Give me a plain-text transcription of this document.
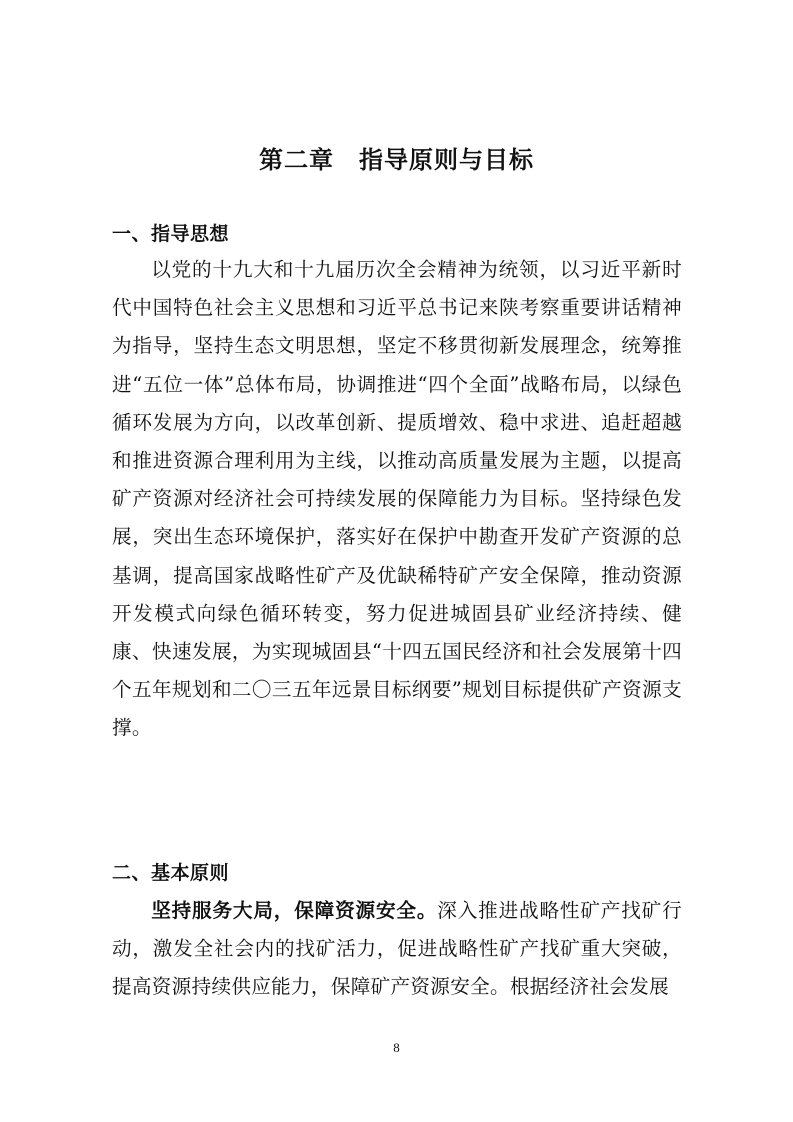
第二章　指导原则与目标
一、指导思想

以党的十九大和十九届历次全会精神为统领，以习近平新时代中国特色社会主义思想和习近平总书记来陕考察重要讲话精神为指导，坚持生态文明思想，坚定不移贯彻新发展理念，统筹推进“五位一体”总体布局，协调推进“四个全面”战略布局，以绿色循环发展为方向，以改革创新、提质增效、稳中求进、追赶超越和推进资源合理利用为主线，以推动高质量发展为主题，以提高矿产资源对经济社会可持续发展的保障能力为目标。坚持绿色发展，突出生态环境保护，落实好在保护中勘查开发矿产资源的总基调，提高国家战略性矿产及优缺稀特矿产安全保障，推动资源开发模式向绿色循环转变，努力促进城固县矿业经济持续、健康、快速发展，为实现城固县“十四五国民经济和社会发展第十四个五年规划和二〇三五年远景目标纲要”规划目标提供矿产资源支撑。

二、基本原则

坚持服务大局，保障资源安全。深入推进战略性矿产找矿行动，激发全社会内的找矿活力，促进战略性矿产找矿重大突破，提高资源持续供应能力，保障矿产资源安全。根据经济社会发展

8
